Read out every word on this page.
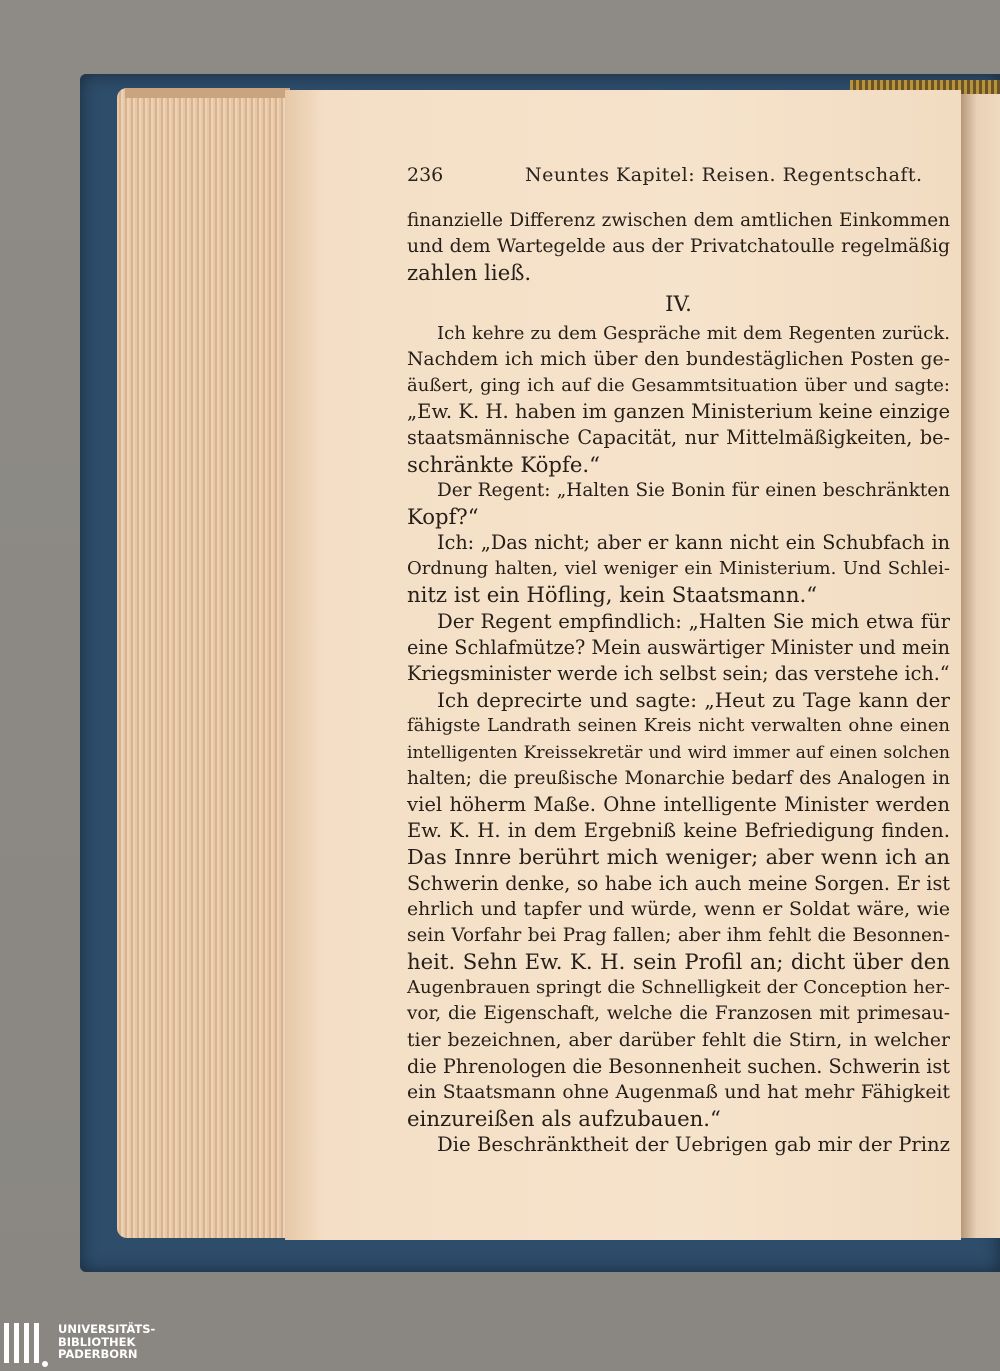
236	Neuntes Kapitel: Reisen. Regentschaft.
finanzielle Differenz zwischen dem amtlichen Einkommen
und dem Wartegelde aus der Privatchatoulle regelmäßig
zahlen ließ.
IV.
Ich kehre zu dem Gespräche mit dem Regenten zurück.
Nachdem ich mich über den bundestäglichen Posten ge-
äußert, ging ich auf die Gesammtsituation über und sagte:
„Ew. K. H. haben im ganzen Ministerium keine einzige
staatsmännische Capacität, nur Mittelmäßigkeiten, be-
schränkte Köpfe.“
Der Regent: „Halten Sie Bonin für einen beschränkten
Kopf?“
Ich: „Das nicht; aber er kann nicht ein Schubfach in
Ordnung halten, viel weniger ein Ministerium. Und Schlei-
nitz ist ein Höfling, kein Staatsmann.“
Der Regent empfindlich: „Halten Sie mich etwa für
eine Schlafmütze? Mein auswärtiger Minister und mein
Kriegsminister werde ich selbst sein; das verstehe ich.“
Ich deprecirte und sagte: „Heut zu Tage kann der
fähigste Landrath seinen Kreis nicht verwalten ohne einen
intelligenten Kreissekretär und wird immer auf einen solchen
halten; die preußische Monarchie bedarf des Analogen in
viel höherm Maße. Ohne intelligente Minister werden
Ew. K. H. in dem Ergebniß keine Befriedigung finden.
Das Innre berührt mich weniger; aber wenn ich an
Schwerin denke, so habe ich auch meine Sorgen. Er ist
ehrlich und tapfer und würde, wenn er Soldat wäre, wie
sein Vorfahr bei Prag fallen; aber ihm fehlt die Besonnen-
heit. Sehn Ew. K. H. sein Profil an; dicht über den
Augenbrauen springt die Schnelligkeit der Conception her-
vor, die Eigenschaft, welche die Franzosen mit primesau-
tier bezeichnen, aber darüber fehlt die Stirn, in welcher
die Phrenologen die Besonnenheit suchen. Schwerin ist
ein Staatsmann ohne Augenmaß und hat mehr Fähigkeit
einzureißen als aufzubauen.“
Die Beschränktheit der Uebrigen gab mir der Prinz
UNIVERSITÄTS-
BIBLIOTHEK
PADERBORN
